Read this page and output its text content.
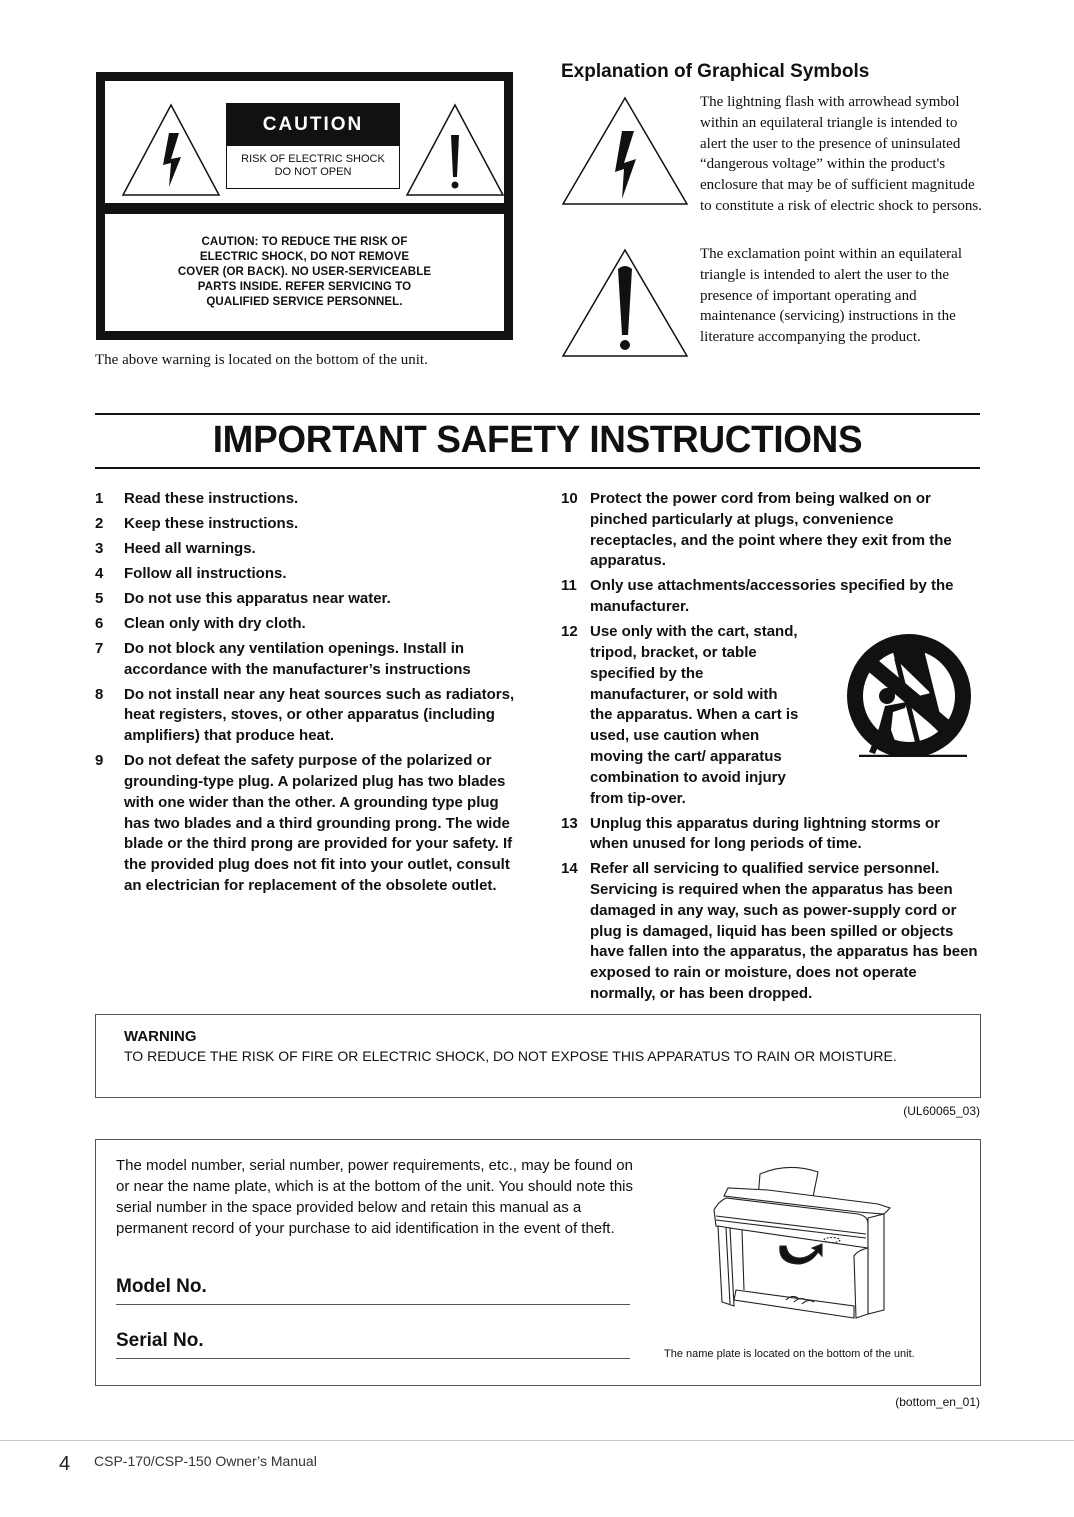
CAUTION
RISK OF ELECTRIC SHOCK
DO NOT OPEN
CAUTION: TO REDUCE THE RISK OF
ELECTRIC SHOCK, DO NOT REMOVE
COVER (OR BACK). NO USER-SERVICEABLE
PARTS INSIDE. REFER SERVICING TO
QUALIFIED SERVICE PERSONNEL.
The above warning is located on the bottom of the unit.
Explanation of Graphical Symbols
The lightning flash with arrowhead symbol within an equilateral triangle is intended to alert the user to the presence of uninsulated “dangerous voltage” within the product's enclosure that may be of sufficient magnitude to constitute a risk of electric shock to persons.
The exclamation point within an equilateral triangle is intended to alert the user to the presence of important operating and maintenance (servicing) instructions in the literature accompanying the product.
IMPORTANT SAFETY INSTRUCTIONS
1	Read these instructions.
2	Keep these instructions.
3	Heed all warnings.
4	Follow all instructions.
5	Do not use this apparatus near water.
6	Clean only with dry cloth.
7	Do not block any ventilation openings. Install in accordance with the manufacturer’s instructions
8	Do not install near any heat sources such as radiators, heat registers, stoves, or other apparatus (including amplifiers) that produce heat.
9	Do not defeat the safety purpose of the polarized or grounding-type plug. A polarized plug has two blades with one wider than the other. A grounding type plug has two blades and a third grounding prong. The wide blade or the third prong are provided for your safety. If the provided plug does not fit into your outlet, consult an electrician for replacement of the obsolete outlet.
10 Protect the power cord from being walked on or pinched particularly at plugs, convenience receptacles, and the point where they exit from the apparatus.
11 Only use attachments/accessories specified by the manufacturer.
12 Use only with the cart, stand, tripod, bracket, or table specified by the manufacturer, or sold with the apparatus. When a cart is used, use caution when moving the cart/ apparatus combination to avoid injury from tip-over.
13 Unplug this apparatus during lightning storms or when unused for long periods of time.
14 Refer all servicing to qualified service personnel. Servicing is required when the apparatus has been damaged in any way, such as power-supply cord or plug is damaged, liquid has been spilled or objects have fallen into the apparatus, the apparatus has been exposed to rain or moisture, does not operate normally, or has been dropped.
WARNING
TO REDUCE THE RISK OF FIRE OR ELECTRIC SHOCK, DO NOT EXPOSE THIS APPARATUS TO RAIN OR MOISTURE.
(UL60065_03)
The model number, serial number, power requirements, etc., may be found on or near the name plate, which is at the bottom of the unit. You should note this serial number in the space provided below and retain this manual as a permanent record of your purchase to aid identification in the event of theft.
Model No.
Serial No.
The name plate is located on the bottom of the unit.
(bottom_en_01)
4 CSP-170/CSP-150 Owner’s Manual
